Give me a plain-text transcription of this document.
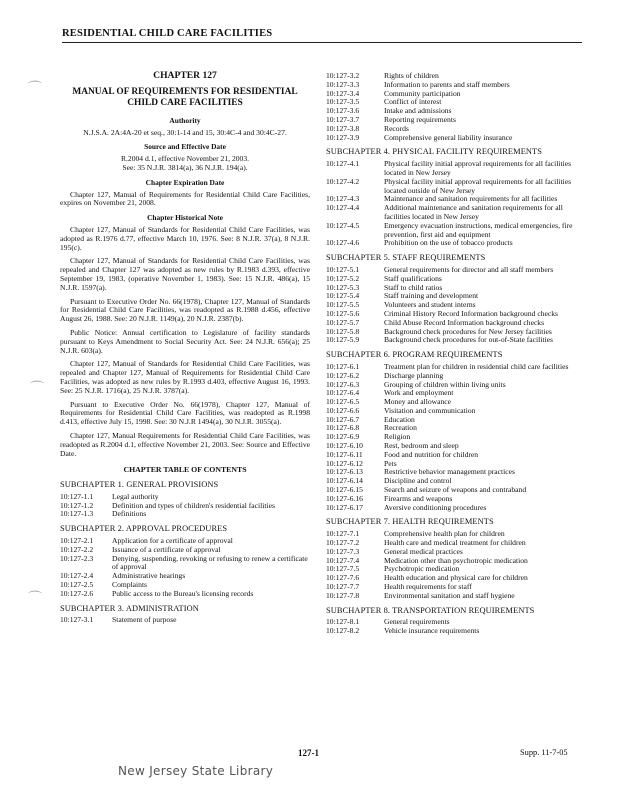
RESIDENTIAL CHILD CARE FACILITIES
⌒
⌒
⌒
CHAPTER 127
MANUAL OF REQUIREMENTS FOR RESIDENTIAL CHILD CARE FACILITIES
Authority

N.J.S.A. 2A:4A-20 et seq., 30:1-14 and 15, 30:4C-4 and 30:4C-27.

Source and Effective Date

R.2004 d.1, effective November 21, 2003.

See: 35 N.J.R. 3814(a), 36 N.J.R. 194(a).

Chapter Expiration Date

Chapter 127, Manual of Requirements for Residential Child Care Facilities, expires on November 21, 2008.

Chapter Historical Note

Chapter 127, Manual of Standards for Residential Child Care Facilities, was adopted as R.1976 d.77, effective March 10, 1976. See: 8 N.J.R. 37(a), 8 N.J.R. 195(c).

Chapter 127, Manual of Standards for Residential Child Care Facilities, was repealed and Chapter 127 was adopted as new rules by R.1983 d.393, effective September 19, 1983, (operative November 1, 1983). See: 15 N.J.R. 486(a), 15 N.J.R. 1597(a).

Pursuant to Executive Order No. 66(1978), Chapter 127, Manual of Standards for Residential Child Care Facilities, was readopted as R.1988 d.456, effective August 26, 1988. See: 20 N.J.R. 1149(a), 20 N.J.R. 2387(b).

Public Notice: Annual certification to Legislature of facility standards pursuant to Keys Amendment to Social Security Act. See: 24 N.J.R. 656(a); 25 N.J.R. 603(a).

Chapter 127, Manual of Standards for Residential Child Care Facilities, was repealed and Chapter 127, Manual of Requirements for Residential Child Care Facilities, was adopted as new rules by R.1993 d.403, effective August 16, 1993. See: 25 N.J.R. 1716(a), 25 N.J.R. 3787(a).

Pursuant to Executive Order No. 66(1978), Chapter 127, Manual of Requirements for Residential Child Care Facilities, was readopted as R.1998 d.413, effective July 15, 1998. See: 30 N.J.R 1494(a), 30 N.J.R. 3055(a).

Chapter 127, Manual Requirements for Residential Child Care Facilities, was readopted as R.2004 d.1, effective November 21, 2003. See: Source and Effective Date.

CHAPTER TABLE OF CONTENTS
SUBCHAPTER 1. GENERAL PROVISIONS
10:127-1.1	Legal authority
10:127-1.2	Definition and types of children's residential facilities
10:127-1.3	Definitions
SUBCHAPTER 2. APPROVAL PROCEDURES
10:127-2.1	Application for a certificate of approval
10:127-2.2	Issuance of a certificate of approval
10:127-2.3	Denying, suspending, revoking or refusing to renew a certificate of approval
10:127-2.4	Administrative hearings
10:127-2.5	Complaints
10:127-2.6	Public access to the Bureau's licensing records
SUBCHAPTER 3. ADMINISTRATION
10:127-3.1	Statement of purpose
10:127-3.2	Rights of children
10:127-3.3	Information to parents and staff members
10:127-3.4	Community participation
10:127-3.5	Conflict of interest
10:127-3.6	Intake and admissions
10:127-3.7	Reporting requirements
10:127-3.8	Records
10:127-3.9	Comprehensive general liability insurance
SUBCHAPTER 4. PHYSICAL FACILITY REQUIREMENTS
10:127-4.1	Physical facility initial approval requirements for all facilities located in New Jersey
10:127-4.2	Physical facility initial approval requirements for all facilities located outside of New Jersey
10:127-4.3	Maintenance and sanitation requirements for all facilities
10:127-4.4	Additional maintenance and sanitation requirements for all facilities located in New Jersey
10:127-4.5	Emergency evacuation instructions, medical emergencies, fire prevention, first aid and equipment
10:127-4.6	Prohibition on the use of tobacco products
SUBCHAPTER 5. STAFF REQUIREMENTS
10:127-5.1	General requirements for director and all staff members
10:127-5.2	Staff qualifications
10:127-5.3	Staff to child ratios
10:127-5.4	Staff training and development
10:127-5.5	Volunteers and student interns
10:127-5.6	Criminal History Record Information background checks
10:127-5.7	Child Abuse Record Information background checks
10:127-5.8	Background check procedures for New Jersey facilities
10:127-5.9	Background check procedures for out-of-State facilities
SUBCHAPTER 6. PROGRAM REQUIREMENTS
10:127-6.1	Treatment plan for children in residential child care facilities
10:127-6.2	Discharge planning
10:127-6.3	Grouping of children within living units
10:127-6.4	Work and employment
10:127-6.5	Money and allowance
10:127-6.6	Visitation and communication
10:127-6.7	Education
10:127-6.8	Recreation
10:127-6.9	Religion
10:127-6.10	Rest, bedroom and sleep
10:127-6.11	Food and nutrition for children
10:127-6.12	Pets
10:127-6.13	Restrictive behavior management practices
10:127-6.14	Discipline and control
10:127-6.15	Search and seizure of weapons and contraband
10:127-6.16	Firearms and weapons
10:127-6.17	Aversive conditioning procedures
SUBCHAPTER 7. HEALTH REQUIREMENTS
10:127-7.1	Comprehensive health plan for children
10:127-7.2	Health care and medical treatment for children
10:127-7.3	General medical practices
10:127-7.4	Medication other than psychotropic medication
10:127-7.5	Psychotropic medication
10:127-7.6	Health education and physical care for children
10:127-7.7	Health requirements for staff
10:127-7.8	Environmental sanitation and staff hygiene
SUBCHAPTER 8. TRANSPORTATION REQUIREMENTS
10:127-8.1	General requirements
10:127-8.2	Vehicle insurance requirements
127-1	Supp. 11-7-05
New Jersey State Library
